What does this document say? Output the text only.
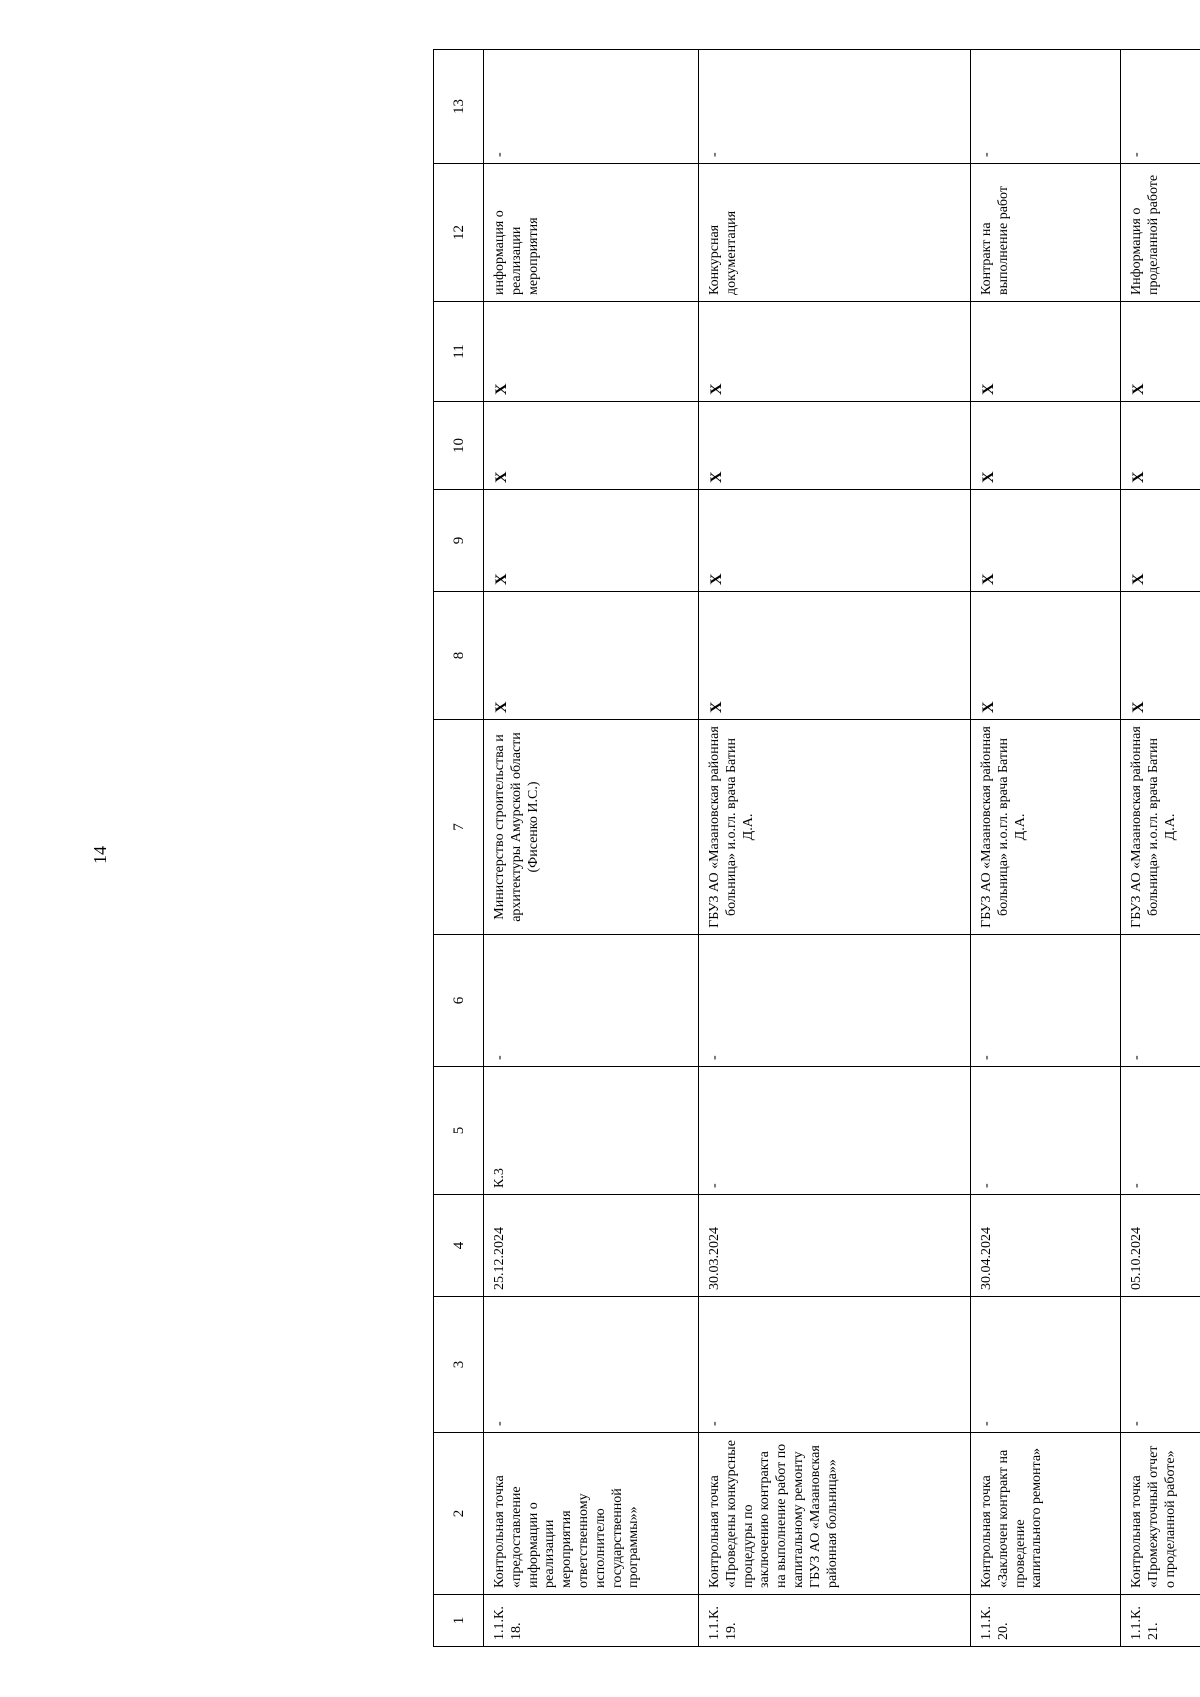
14
1	2	3	4	5	6	7	8	9	10	11	12	13
1.1.К. 18.	Контрольная точка «предоставление информации о реализации мероприятия ответственному исполнителю государственной программы»»	-	25.12.2024	К.3	-	Министерство строительства и архитектуры Амурской области (Фисенко И.С.)	X	X	X	X	информация о реализации мероприятия	-
1.1.К. 19.	Контрольная точка «Проведены конкурсные процедуры по заключению контракта на выполнение работ по капитальному ремонту ГБУЗ АО «Мазановская районная больница»»	-	30.03.2024	-	-	ГБУЗ АО «Мазановская районная больница» и.о.гл. врача Батин Д.А.	X	X	X	X	Конкурсная документация	-
1.1.К. 20.	Контрольная точка «Заключен контракт на проведение капитального ремонта»	-	30.04.2024	-	-	ГБУЗ АО «Мазановская районная больница» и.о.гл. врача Батин Д.А.	X	X	X	X	Контракт на выполнение работ	-
1.1.К. 21.	Контрольная точка «Промежуточный отчет о проделанной работе»	-	05.10.2024	-	-	ГБУЗ АО «Мазановская районная больница» и.о.гл. врача Батин Д.А.	X	X	X	X	Информация о проделанной работе	-
